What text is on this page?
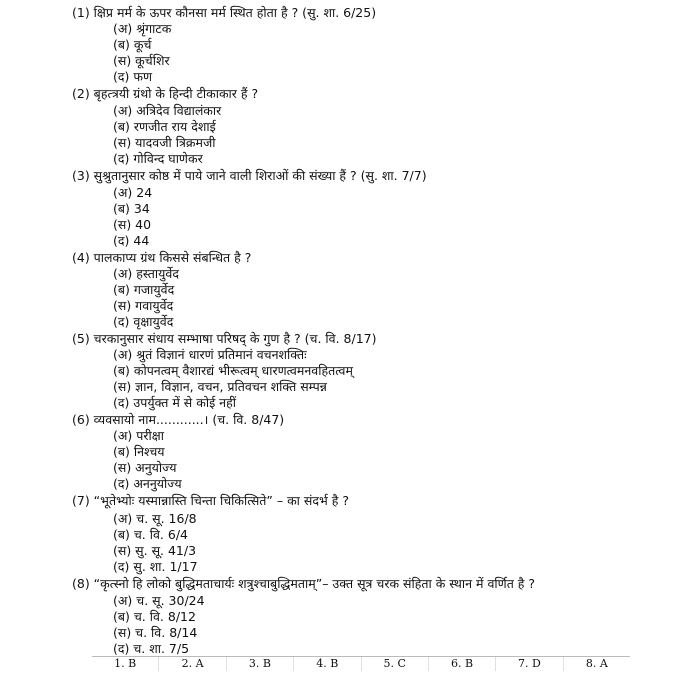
(1) क्षिप्र मर्म के ऊपर कौनसा मर्म स्थित होता है ? (सु. शा. 6/25)
(अ) श्रृंगाटक
(ब) कूर्च
(स) कूर्चशिर
(द) फण
(2) बृहत्त्रयी ग्रंथो के हिन्दी टीकाकार हैं ?
(अ) अत्रिदेव विद्यालंकार
(ब) रणजीत राय देशाई
(स) यादवजी त्रिक्रमजी
(द) गोविन्द घाणेकर
(3) सुश्रुतानुसार कोष्ठ में पाये जाने वाली शिराओं की संख्या हैं ? (सु. शा. 7/7)
(अ) 24
(ब) 34
(स) 40
(द) 44
(4) पालकाप्य ग्रंथ किससे संबन्धित है ?
(अ) हस्तायुर्वेद
(ब) गजायुर्वेद
(स) गवायुर्वेद
(द) वृक्षायुर्वेद
(5) चरकानुसार संधाय सम्भाषा परिषद् के गुण है ? (च. वि. 8/17)
(अ) श्रुतं विज्ञानं धारणं प्रतिमानं वचनशक्तिः
(ब) कोपनत्वम् वैशारद्यं भीरूत्वम् धारणत्वमनवहितत्वम्
(स) ज्ञान, विज्ञान, वचन, प्रतिवचन शक्ति सम्पन्न
(द) उपर्युक्त में से कोई नहीं
(6) व्यवसायो नाम............। (च. वि. 8/47)
(अ) परीक्षा
(ब) निश्चय
(स) अनुयोज्य
(द) अननुयोज्य
(7) “भूतेभ्योः यस्मान्नास्ति चिन्ता चिकित्सिते” – का संदर्भ है ?
(अ) च. सू. 16/8
(ब) च. वि. 6/4
(स) सु. सू. 41/3
(द) सु. शा. 1/17
(8) “कृत्स्नो हि लोको बुद्धिमताचार्यः शत्रुश्चाबुद्धिमताम्”– उक्त सूत्र चरक संहिता के स्थान में वर्णित है ?
(अ) च. सू. 30/24
(ब) च. वि. 8/12
(स) च. वि. 8/14
(द) च. शा. 7/5
1. B	2. A	3. B	4. B	5. C	6. B	7. D	8. A
